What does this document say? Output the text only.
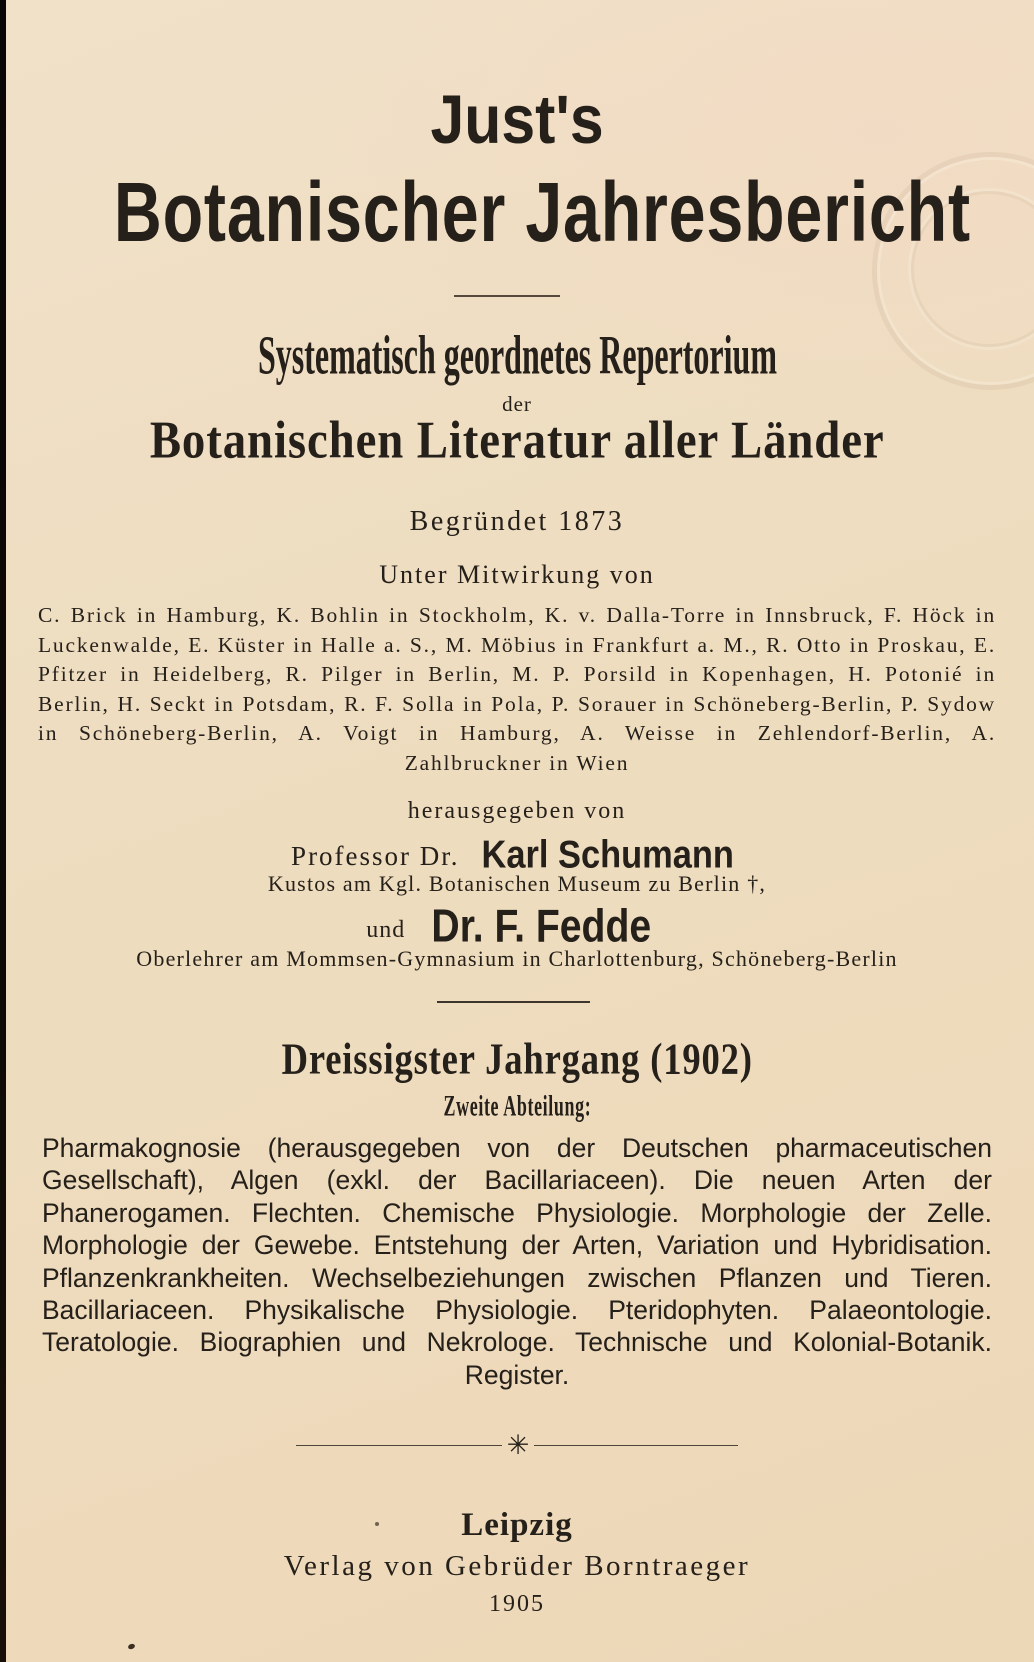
Just's
Botanischer Jahresbericht
Systematisch geordnetes Repertorium
der
Botanischen Literatur aller Länder
Begründet 1873
Unter Mitwirkung von
C. Brick in Hamburg, K. Bohlin in Stockholm, K. v. Dalla-Torre in Innsbruck, F. Höck in Luckenwalde, E. Küster in Halle a. S., M. Möbius in Frankfurt a. M., R. Otto in Proskau, E. Pfitzer in Heidelberg, R. Pilger in Berlin, M. P. Porsild in Kopenhagen, H. Potonié in Berlin, H. Seckt in Potsdam, R. F. Solla in Pola, P. Sorauer in Schöneberg-Berlin, P. Sydow in Schöneberg-Berlin, A. Voigt in Hamburg, A. Weisse in Zehlendorf-Berlin, A. Zahlbruckner in Wien
herausgegeben von
Professor Dr. Karl Schumann
Kustos am Kgl. Botanischen Museum zu Berlin †,
und Dr. F. Fedde
Oberlehrer am Mommsen-Gymnasium in Charlottenburg, Schöneberg-Berlin
Dreissigster Jahrgang (1902)
Zweite Abteilung:
Pharmakognosie (herausgegeben von der Deutschen pharmaceutischen Gesellschaft), Algen (exkl. der Bacillariaceen). Die neuen Arten der Phanerogamen. Flechten. Chemische Physiologie. Morphologie der Zelle. Morphologie der Gewebe. Entstehung der Arten, Variation und Hybridisation. Pflanzenkrankheiten. Wechselbeziehungen zwischen Pflanzen und Tieren. Bacillariaceen. Physikalische Physiologie. Pteridophyten. Palaeontologie. Teratologie. Biographien und Nekrologe. Technische und Kolonial-Botanik. Register.
✳
Leipzig
Verlag von Gebrüder Borntraeger
1905
